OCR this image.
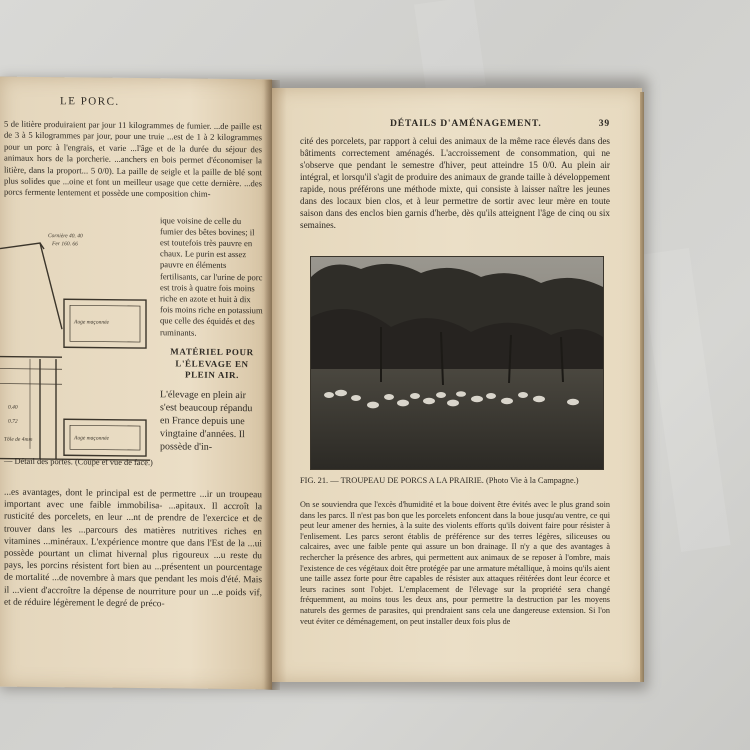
LE PORC.
5 de litière produiraient par jour 11 kilogrammes de fumier. ...de paille est de 3 à 5 kilogrammes par jour, pour une truie ...est de 1 à 2 kilogrammes pour un porc à l'engrais, et varie ...l'âge et de la durée du séjour des animaux hors de la porcherie. ...anchers en bois permet d'économiser la litière, dans la proport... 5 0/0). La paille de seigle et la paille de blé sont plus solides que ...oine et font un meilleur usage que cette dernière. ...des porcs fermente lentement et possède une composition chim-
Cornière 40. 40
Fer 160. 66
Auge maçonnée
Auge maçonnée
0.40
0.72
Tôle de 4mm

ique voisine de celle du fumier des bêtes bovines; il est toutefois très pauvre en chaux. Le purin est assez pauvre en éléments fertilisants, car l'urine de porc est trois à quatre fois moins riche en azote et huit à dix fois moins riche en potassium que celle des équidés et des ruminants.

MATÉRIEL POUR L'ÉLEVAGE EN PLEIN AIR.

L'élevage en plein air s'est beaucoup répandu en France depuis une vingtaine d'années. Il possède d'in-

— Détail des portes. (Coupe et vue de face.)
...es avantages, dont le principal est de permettre ...ir un troupeau important avec une faible immobilisa- ...apitaux. Il accroît la rusticité des porcelets, en leur ...nt de prendre de l'exercice et de trouver dans les ...parcours des matières nutritives riches en vitamines ...minéraux. L'expérience montre que dans l'Est de la ...ui possède pourtant un climat hivernal plus rigoureux ...u reste du pays, les porcins résistent fort bien au ...présentent un pourcentage de mortalité ...de novembre à mars que pendant les mois d'été. Mais il ...vient d'accroître la dépense de nourriture pour un ...e poids vif, et de réduire légèrement le degré de préco-
DÉTAILS D'AMÉNAGEMENT.	39
cité des porcelets, par rapport à celui des animaux de la même race élevés dans des bâtiments correctement aménagés. L'accroissement de consommation, qui ne s'observe que pendant le semestre d'hiver, peut atteindre 15 0/0. Au plein air intégral, et lorsqu'il s'agit de produire des animaux de grande taille à développement rapide, nous préférons une méthode mixte, qui consiste à laisser naître les jeunes dans des locaux bien clos, et à leur permettre de sortir avec leur mère en toute saison dans des enclos bien garnis d'herbe, dès qu'ils atteignent l'âge de cinq ou six semaines.
FIG. 21. — TROUPEAU DE PORCS A LA PRAIRIE. (Photo Vie à la Campagne.)
On se souviendra que l'excès d'humidité et la boue doivent être évités avec le plus grand soin dans les parcs. Il n'est pas bon que les porcelets enfoncent dans la boue jusqu'au ventre, ce qui peut leur amener des hernies, à la suite des violents efforts qu'ils doivent faire pour résister à l'enlisement. Les parcs seront établis de préférence sur des terres légères, siliceuses ou calcaires, avec une faible pente qui assure un bon drainage. Il n'y a que des avantages à rechercher la présence des arbres, qui permettent aux animaux de se reposer à l'ombre, mais l'existence de ces végétaux doit être protégée par une armature métallique, à moins qu'ils aient une taille assez forte pour être capables de résister aux attaques réitérées dont leur écorce et leurs racines sont l'objet. L'emplacement de l'élevage sur la propriété sera changé fréquemment, au moins tous les deux ans, pour permettre la destruction par les moyens naturels des germes de parasites, qui prendraient sans cela une dangereuse extension. Si l'on veut éviter ce déménagement, on peut installer deux fois plus de
